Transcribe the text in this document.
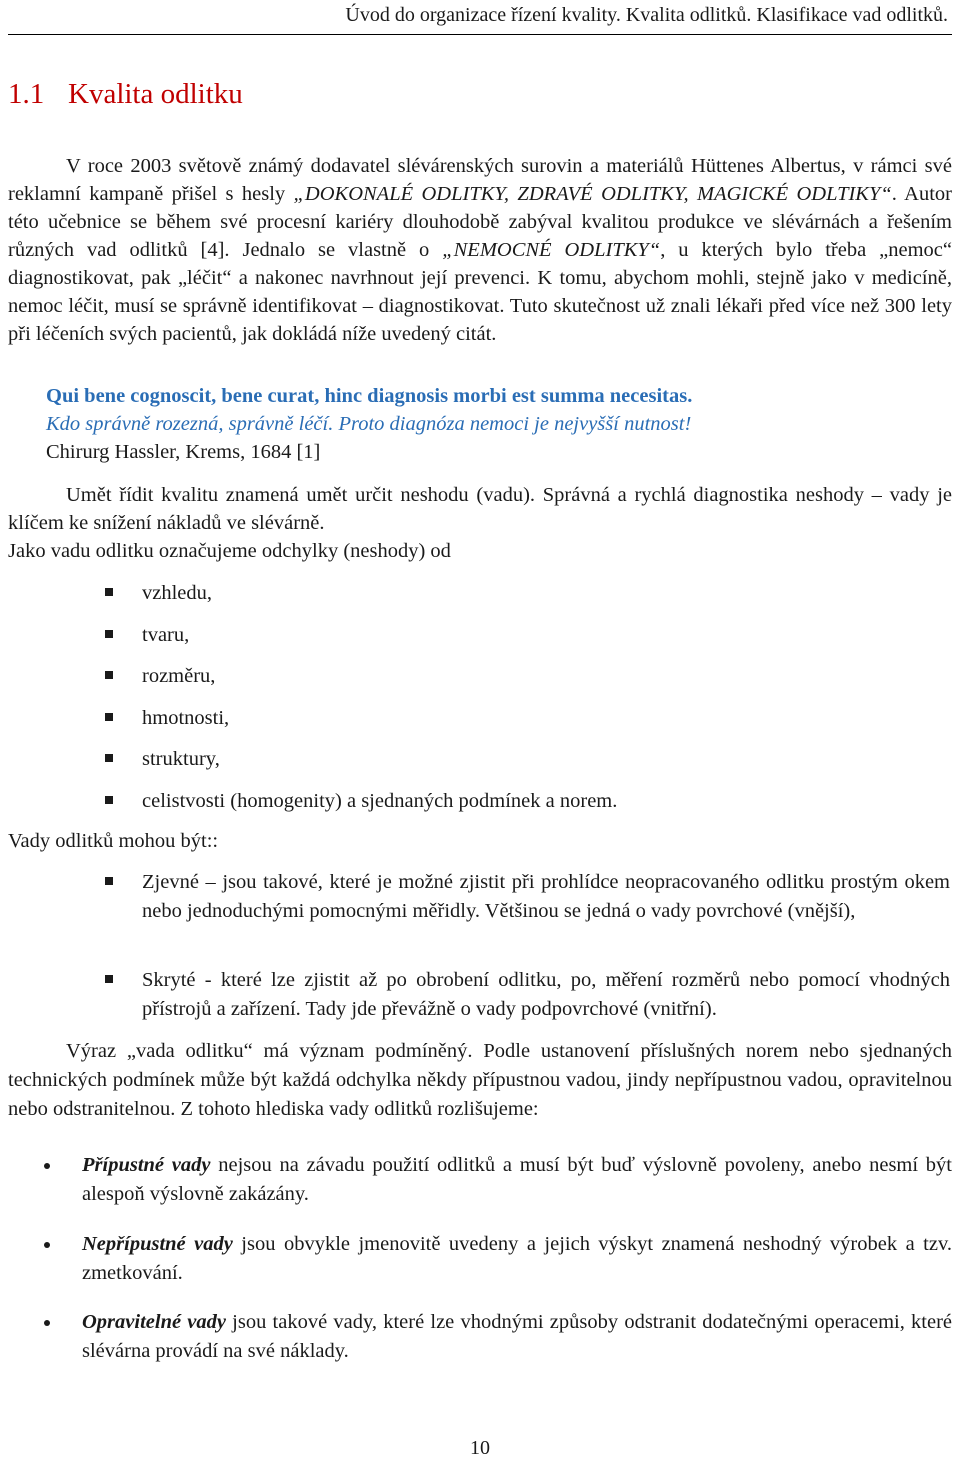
Úvod do organizace řízení kvality. Kvalita odlitků. Klasifikace vad odlitků.
1.1 Kvalita odlitku

V roce 2003 světově známý dodavatel slévárenských surovin a materiálů Hüttenes Albertus, v rámci své reklamní kampaně přišel s hesly „DOKONALÉ ODLITKY, ZDRAVÉ ODLITKY, MAGICKÉ ODLTIKY“. Autor této učebnice se během své procesní kariéry dlouhodobě zabýval kvalitou produkce ve slévárnách a řešením různých vad odlitků [4]. Jednalo se vlastně o „NEMOCNÉ ODLITKY“, u kterých bylo třeba „nemoc“ diagnostikovat, pak „léčit“ a nakonec navrhnout její prevenci. K tomu, abychom mohli, stejně jako v medicíně, nemoc léčit, musí se správně identifikovat – diagnostikovat. Tuto skutečnost už znali lékaři před více než 300 lety při léčeních svých pacientů, jak dokládá níže uvedený citát.

Qui bene cognoscit, bene curat, hinc diagnosis morbi est summa necesitas.

Kdo správně rozezná, správně léčí. Proto diagnóza nemoci je nejvyšší nutnost!

Chirurg Hassler, Krems, 1684 [1]

Umět řídit kvalitu znamená umět určit neshodu (vadu). Správná a rychlá diagnostika neshody – vady je klíčem ke snížení nákladů ve slévárně.

Jako vadu odlitku označujeme odchylky (neshody) od

vzhledu,
tvaru,
rozměru,
hmotnosti,
struktury,
celistvosti (homogenity) a sjednaných podmínek a norem.

Vady odlitků mohou být::

Zjevné – jsou takové, které je možné zjistit při prohlídce neopracovaného odlitku prostým okem nebo jednoduchými pomocnými měřidly. Většinou se jedná o vady povrchové (vnější),
Skryté - které lze zjistit až po obrobení odlitku, po, měření rozměrů nebo pomocí vhodných přístrojů a zařízení. Tady jde převážně o vady podpovrchové (vnitřní).

Výraz „vada odlitku“ má význam podmíněný. Podle ustanovení příslušných norem nebo sjednaných technických podmínek může být každá odchylka někdy přípustnou vadou, jindy nepřípustnou vadou, opravitelnou nebo odstranitelnou. Z tohoto hlediska vady odlitků rozlišujeme:

Přípustné vady nejsou na závadu použití odlitků a musí být buď výslovně povoleny, anebo nesmí být alespoň výslovně zakázány.
Nepřípustné vady jsou obvykle jmenovitě uvedeny a jejich výskyt znamená neshodný výrobek a tzv. zmetkování.
Opravitelné vady jsou takové vady, které lze vhodnými způsoby odstranit dodatečnými operacemi, které slévárna provádí na své náklady.
10
